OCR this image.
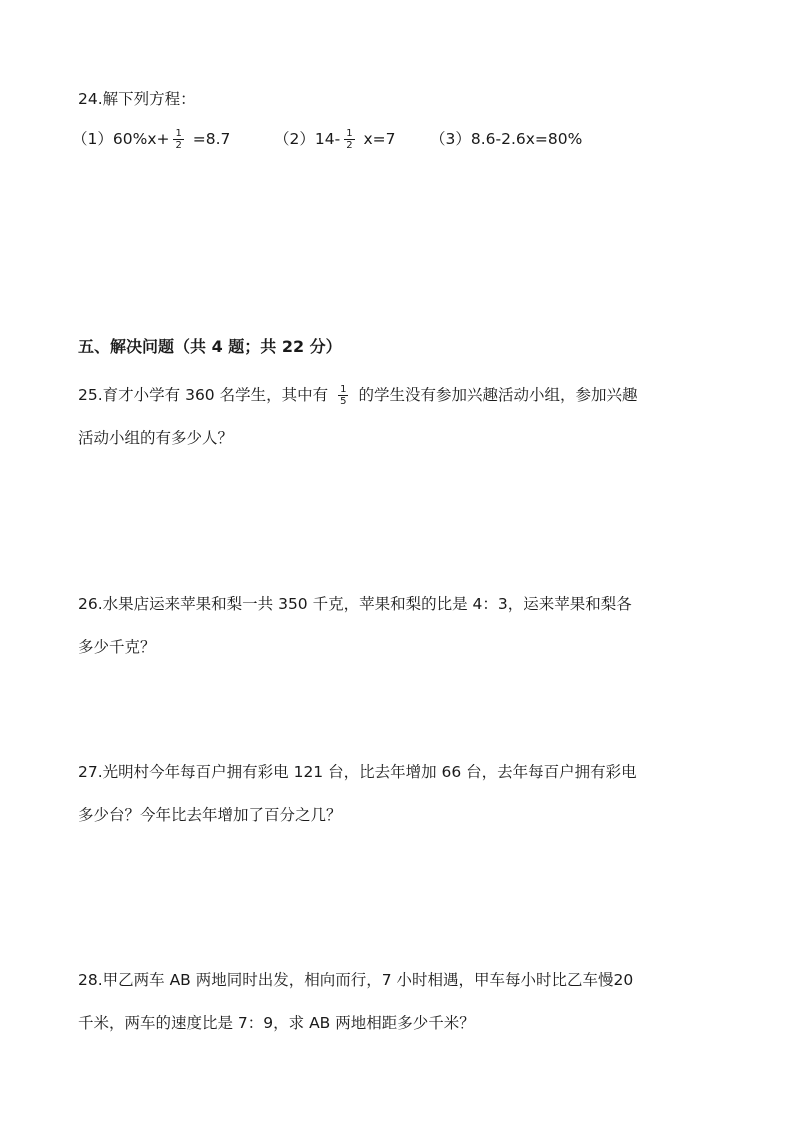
24.解下列方程：
$(1)60\%x+ \frac{1}{2} =8.7$	$(2)14- \frac{1}{2} x=7$ （3）8.6-2.6x=80%
五、解决问题（共 4 题；共 22 分）
25.育才小学有 360 名学生，其中有 $\frac{1}{5}$ 的学生没有参加兴趣活动小组，参加兴趣
活动小组的有多少人？
26.水果店运来苹果和梨一共 350 千克，苹果和梨的比是 4：3，运来苹果和梨各
多少千克？
27.光明村今年每百户拥有彩电 121 台，比去年增加 66 台，去年每百户拥有彩电
多少台？今年比去年增加了百分之几？
28.甲乙两车 AB 两地同时出发，相向而行，7 小时相遇，甲车每小时比乙车慢20
千米，两车的速度比是 7：9，求 AB 两地相距多少千米？
